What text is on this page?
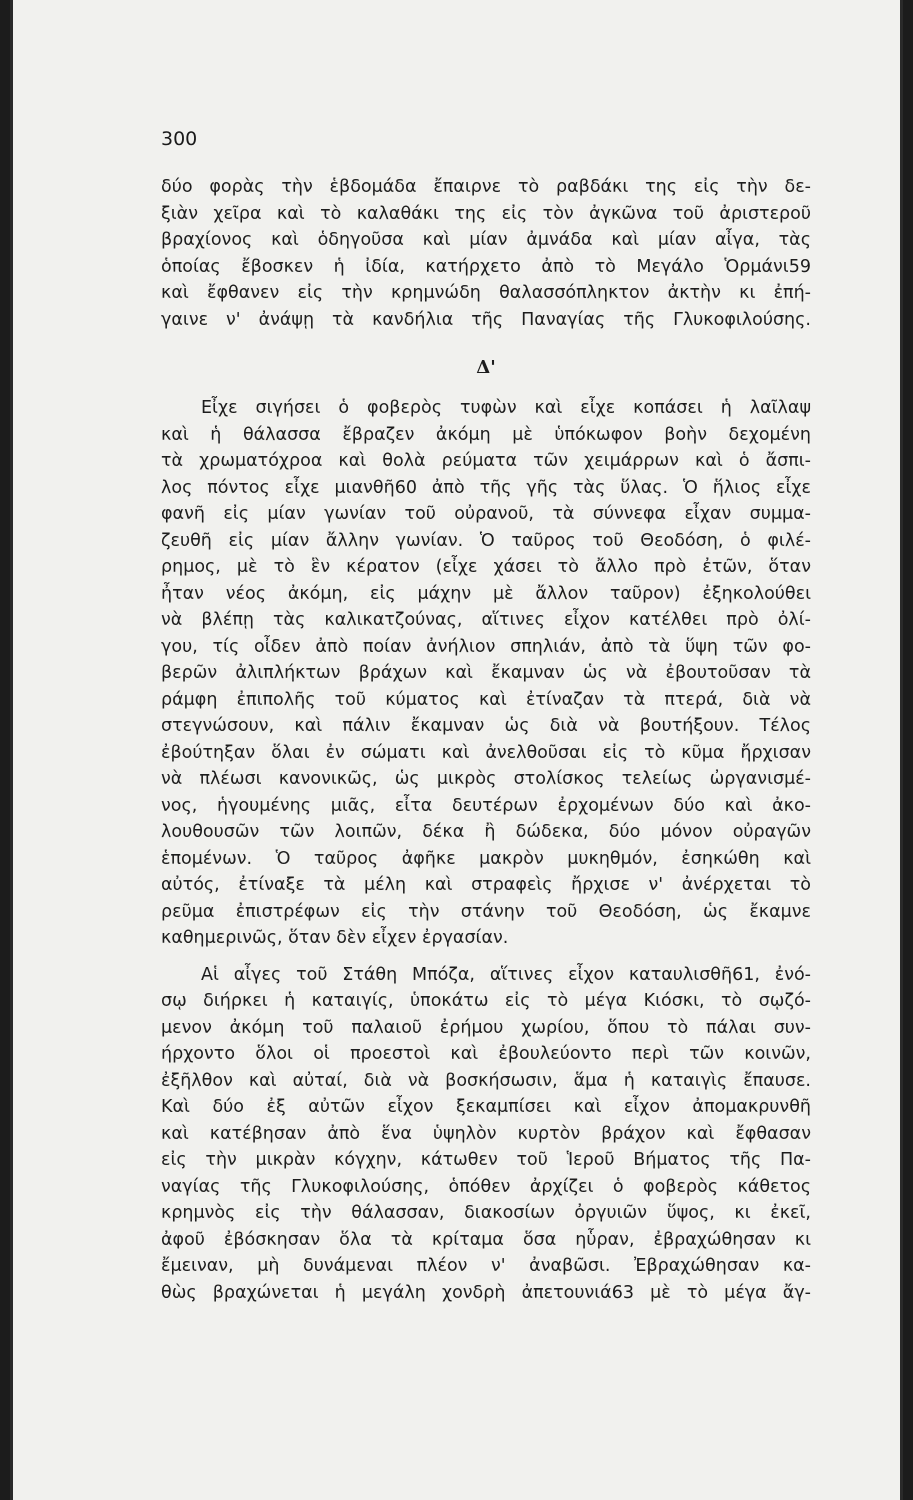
300
δύο φορὰς τὴν ἑβδομάδα ἔπαιρνε τὸ ραβδάκι της εἰς τὴν δε-
ξιὰν χεῖρα καὶ τὸ καλαθάκι της εἰς τὸν ἀγκῶνα τοῦ ἀριστεροῦ
βραχίονος καὶ ὁδηγοῦσα καὶ μίαν ἀμνάδα καὶ μίαν αἶγα, τὰς
ὁποίας ἔβοσκεν ἡ ἰδία, κατήρχετο ἀπὸ τὸ Μεγάλο Ὁρμάνι59
καὶ ἔφθανεν εἰς τὴν κρημνώδη θαλασσόπληκτον ἀκτὴν κι ἐπή-
γαινε ν' ἀνάψῃ τὰ κανδήλια τῆς Παναγίας τῆς Γλυκοφιλούσης.
Δ'
Εἶχε σιγήσει ὁ φοβερὸς τυφὼν καὶ εἶχε κοπάσει ἡ λαῖλαψ
καὶ ἡ θάλασσα ἔβραζεν ἀκόμη μὲ ὑπόκωφον βοὴν δεχομένη
τὰ χρωματόχροα καὶ θολὰ ρεύματα τῶν χειμάρρων καὶ ὁ ἄσπι-
λος πόντος εἶχε μιανθῆ60 ἀπὸ τῆς γῆς τὰς ὕλας. Ὁ ἥλιος εἶχε
φανῆ εἰς μίαν γωνίαν τοῦ οὐρανοῦ, τὰ σύννεφα εἶχαν συμμα-
ζευθῆ εἰς μίαν ἄλλην γωνίαν. Ὁ ταῦρος τοῦ Θεοδόση, ὁ φιλέ-
ρημος, μὲ τὸ ἓν κέρατον (εἶχε χάσει τὸ ἄλλο πρὸ ἐτῶν, ὅταν
ἦταν νέος ἀκόμη, εἰς μάχην μὲ ἄλλον ταῦρον) ἐξηκολούθει
νὰ βλέπῃ τὰς καλικατζούνας, αἵτινες εἶχον κατέλθει πρὸ ὀλί-
γου, τίς οἶδεν ἀπὸ ποίαν ἀνήλιον σπηλιάν, ἀπὸ τὰ ὕψη τῶν φο-
βερῶν ἀλιπλήκτων βράχων καὶ ἔκαμναν ὡς νὰ ἐβουτοῦσαν τὰ
ράμφη ἐπιπολῆς τοῦ κύματος καὶ ἐτίναζαν τὰ πτερά, διὰ νὰ
στεγνώσουν, καὶ πάλιν ἔκαμναν ὡς διὰ νὰ βουτήξουν. Τέλος
ἐβούτηξαν ὅλαι ἐν σώματι καὶ ἀνελθοῦσαι εἰς τὸ κῦμα ἤρχισαν
νὰ πλέωσι κανονικῶς, ὡς μικρὸς στολίσκος τελείως ὠργανισμέ-
νος, ἡγουμένης μιᾶς, εἶτα δευτέρων ἐρχομένων δύο καὶ ἀκο-
λουθουσῶν τῶν λοιπῶν, δέκα ἢ δώδεκα, δύο μόνον οὐραγῶν
ἑπομένων. Ὁ ταῦρος ἀφῆκε μακρὸν μυκηθμόν, ἐσηκώθη καὶ
αὐτός, ἐτίναξε τὰ μέλη καὶ στραφεὶς ἤρχισε ν' ἀνέρχεται τὸ
ρεῦμα ἐπιστρέφων εἰς τὴν στάνην τοῦ Θεοδόση, ὡς ἔκαμνε
καθημερινῶς, ὅταν δὲν εἶχεν ἐργασίαν.
Αἱ αἶγες τοῦ Στάθη Μπόζα, αἵτινες εἶχον καταυλισθῆ61, ἐνό-
σῳ διήρκει ἡ καταιγίς, ὑποκάτω εἰς τὸ μέγα Κιόσκι, τὸ σῳζό-
μενον ἀκόμη τοῦ παλαιοῦ ἐρήμου χωρίου, ὅπου τὸ πάλαι συν-
ήρχοντο ὅλοι οἱ προεστοὶ καὶ ἐβουλεύοντο περὶ τῶν κοινῶν,
ἐξῆλθον καὶ αὐταί, διὰ νὰ βοσκήσωσιν, ἅμα ἡ καταιγὶς ἔπαυσε.
Καὶ δύο ἐξ αὐτῶν εἶχον ξεκαμπίσει καὶ εἶχον ἀπομακρυνθῆ
καὶ κατέβησαν ἀπὸ ἕνα ὑψηλὸν κυρτὸν βράχον καὶ ἔφθασαν
εἰς τὴν μικρὰν κόγχην, κάτωθεν τοῦ Ἱεροῦ Βήματος τῆς Πα-
ναγίας τῆς Γλυκοφιλούσης, ὁπόθεν ἀρχίζει ὁ φοβερὸς κάθετος
κρημνὸς εἰς τὴν θάλασσαν, διακοσίων ὀργυιῶν ὕψος, κι ἐκεῖ,
ἀφοῦ ἐβόσκησαν ὅλα τὰ κρίταμα ὅσα ηὗραν, ἐβραχώθησαν κι
ἔμειναν, μὴ δυνάμεναι πλέον ν' ἀναβῶσι. Ἐβραχώθησαν κα-
θὼς βραχώνεται ἡ μεγάλη χονδρὴ ἀπετουνιά63 μὲ τὸ μέγα ἄγ-
